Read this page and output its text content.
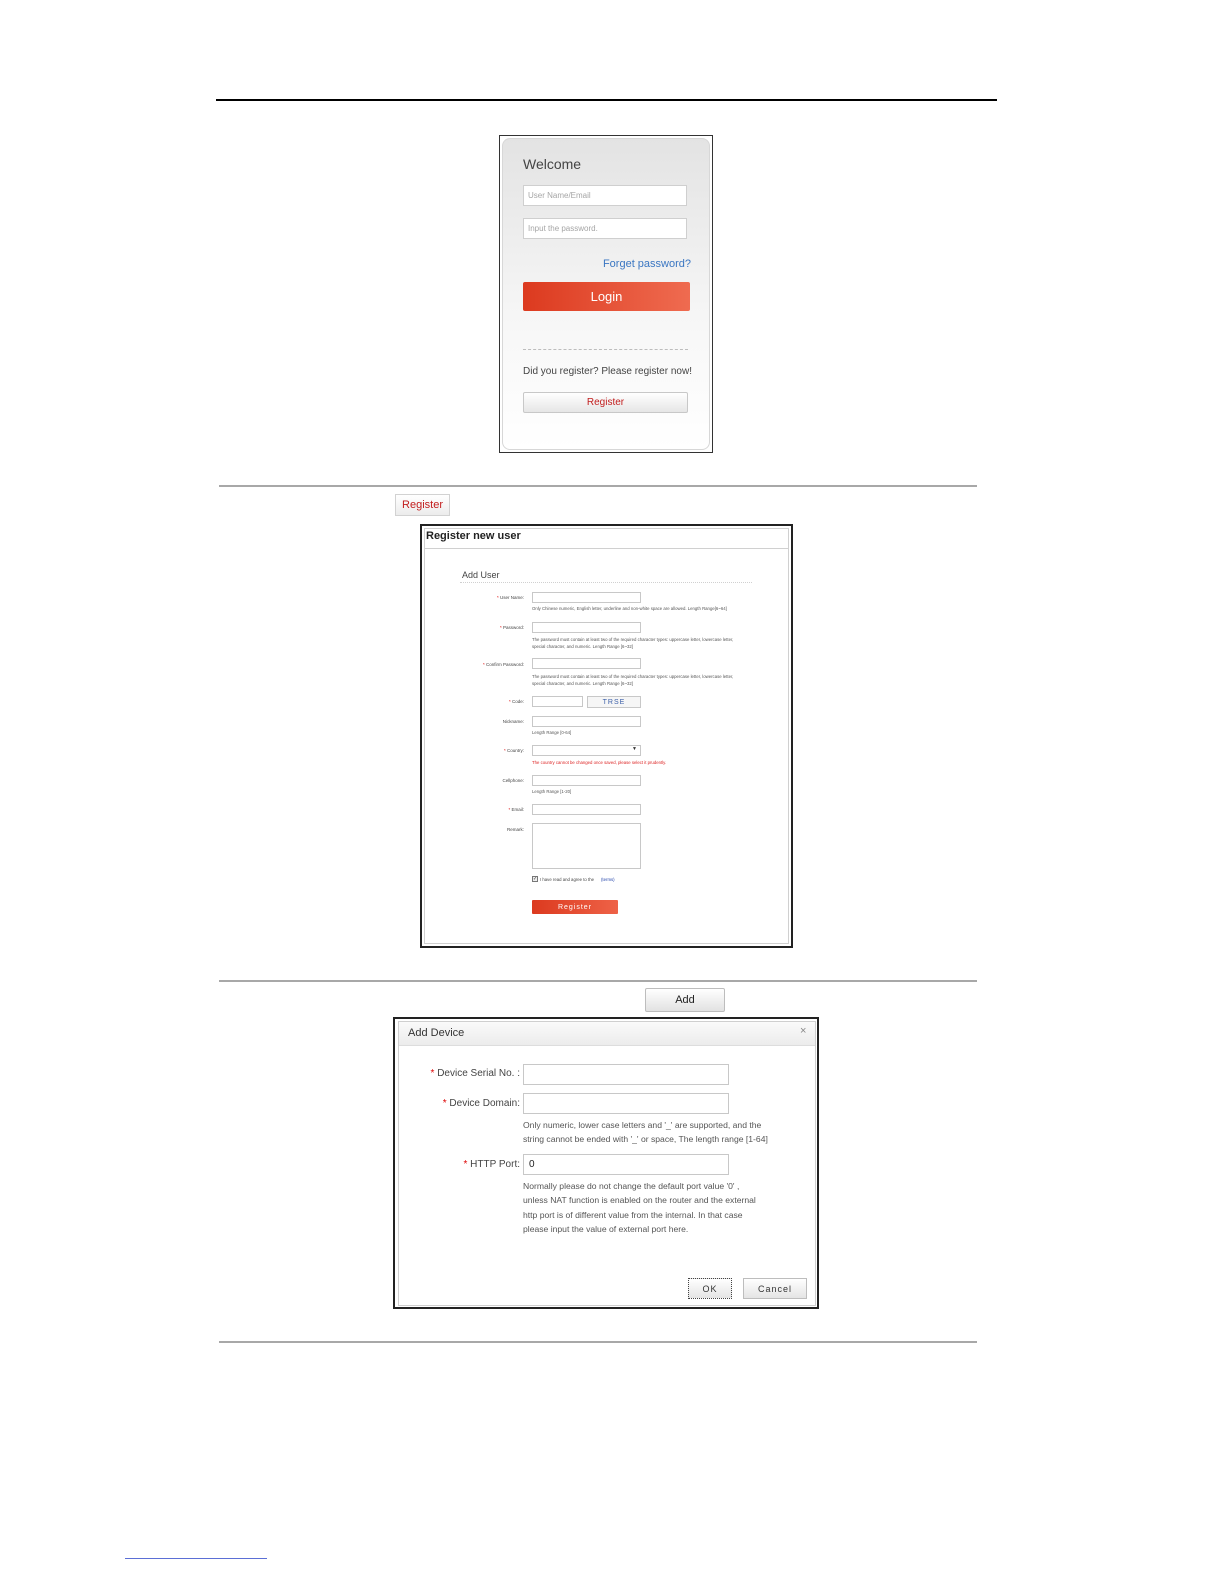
Welcome
User Name/Email
Forget password?
Login
Did you register? Please register now!
Register
Register
Register new user
Add User
* User Name:
Only Chinese numeric, English letter, underline and non-white space are allowed. Length Range[6~64]
* Password:
The password must contain at least two of the required character types: uppercase letter, lowercase letter, special character, and numeric. Length Range [6~32]
* Confirm Password:
The password must contain at least two of the required character types: uppercase letter, lowercase letter, special character, and numeric. Length Range [6~32]
* Code:	TRSE
Nickname:
Length Range [0-64]
* Country:	▼
The country cannot be changed once saved, please select it prudently.
Cellphone:
Length Range [1-20]
* Email:
Remark:
✓ I have read and agree to the (terms)
Register
Add
Add Device	×
* Device Serial No. :
* Device Domain:
Only numeric, lower case letters and '_' are supported, and the
string cannot be ended with '_' or space, The length range [1-64]
* HTTP Port:
0
Normally please do not change the default port value '0' ,
unless NAT function is enabled on the router and the external
http port is of different value from the internal. In that case
please input the value of external port here.
OK	Cancel
